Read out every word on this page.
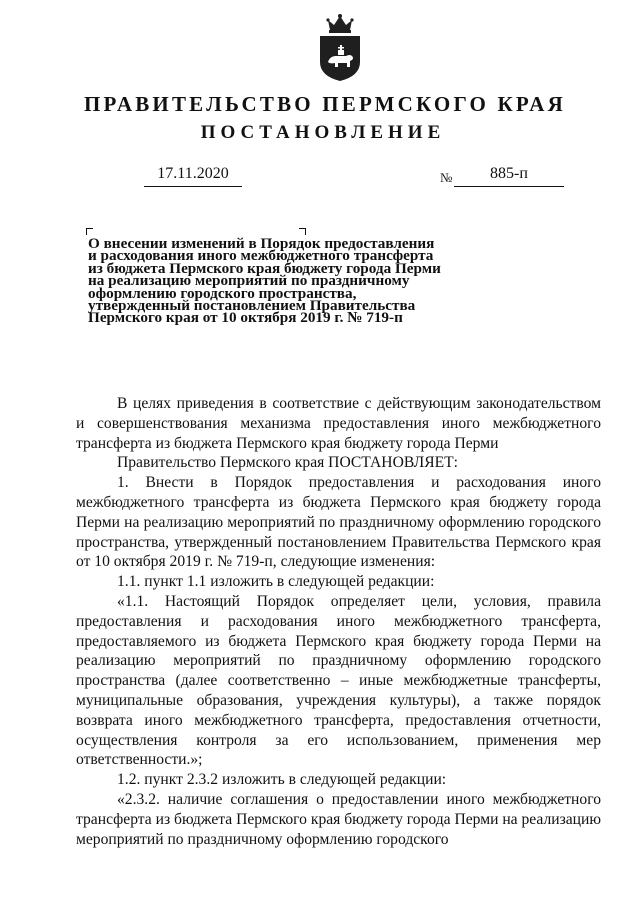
ПРАВИТЕЛЬСТВО ПЕРМСКОГО КРАЯ
ПОСТАНОВЛЕНИЕ
17.11.2020	№	885-п
О внесении изменений в Порядок предоставления
и расходования иного межбюджетного трансферта
из бюджета Пермского края бюджету города Перми
на реализацию мероприятий по праздничному
оформлению городского пространства,
утвержденный постановлением Правительства
Пермского края от 10 октября 2019 г. № 719-п

В целях приведения в соответствие с действующим законодательством и совершенствования механизма предоставления иного межбюджетного трансферта из бюджета Пермского края бюджету города Перми

Правительство Пермского края ПОСТАНОВЛЯЕТ:

1. Внести в Порядок предоставления и расходования иного межбюджетного трансферта из бюджета Пермского края бюджету города Перми на реализацию мероприятий по праздничному оформлению городского пространства, утвержденный постановлением Правительства Пермского края от 10 октября 2019 г. № 719-п, следующие изменения:

1.1. пункт 1.1 изложить в следующей редакции:

«1.1. Настоящий Порядок определяет цели, условия, правила предоставления и расходования иного межбюджетного трансферта, предоставляемого из бюджета Пермского края бюджету города Перми на реализацию мероприятий по праздничному оформлению городского пространства (далее соответственно – иные межбюджетные трансферты, муниципальные образования, учреждения культуры), а также порядок возврата иного межбюджетного трансферта, предоставления отчетности, осуществления контроля за его использованием, применения мер ответственности.»;

1.2. пункт 2.3.2 изложить в следующей редакции:

«2.3.2. наличие соглашения о предоставлении иного межбюджетного трансферта из бюджета Пермского края бюджету города Перми на реализацию мероприятий по праздничному оформлению городского
